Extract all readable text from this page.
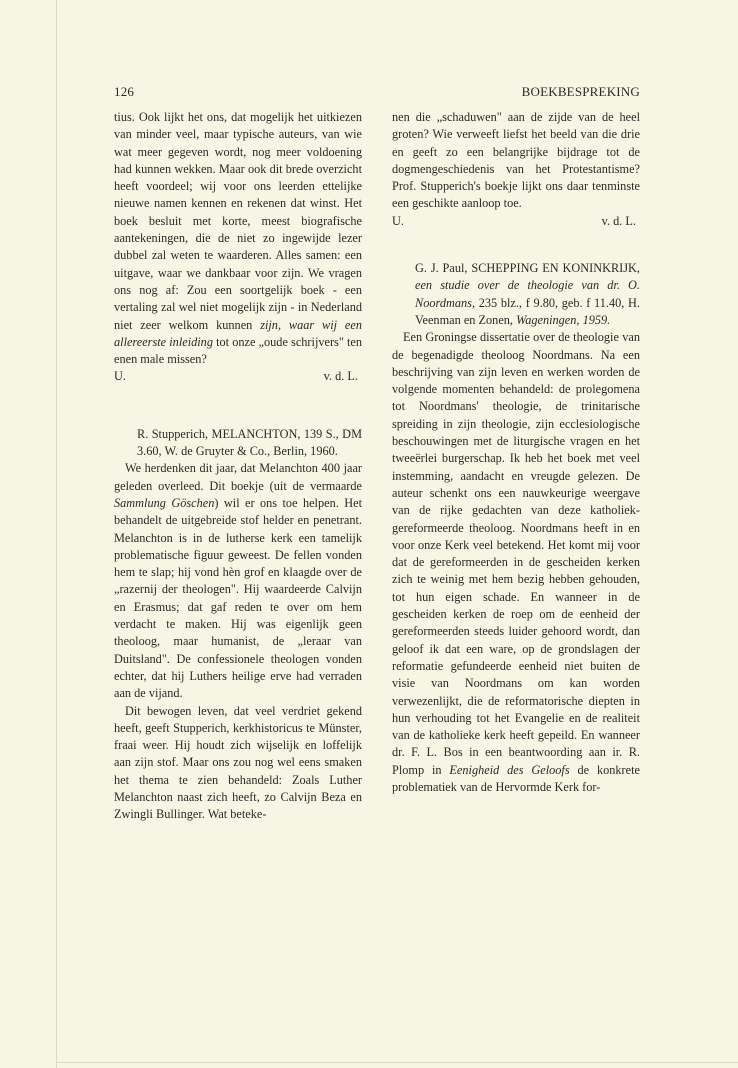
126	BOEKBESPREKING

tius. Ook lijkt het ons, dat mogelijk het uitkiezen van minder veel, maar typische auteurs, van wie wat meer gegeven wordt, nog meer voldoening had kunnen wekken. Maar ook dit brede overzicht heeft voordeel; wij voor ons leerden ettelijke nieuwe namen kennen en rekenen dat winst. Het boek besluit met korte, meest biografische aantekeningen, die de niet zo ingewijde lezer dubbel zal weten te waarderen. Alles samen: een uitgave, waar we dankbaar voor zijn. We vragen ons nog af: Zou een soortgelijk boek - een vertaling zal wel niet mogelijk zijn - in Nederland niet zeer welkom kunnen zijn, waar wij een allereerste inleiding tot onze „oude schrijvers" ten enen male missen?

U.	v. d. L.

R. Stupperich, MELANCHTON, 139 S., DM 3.60, W. de Gruyter & Co., Berlin, 1960.

We herdenken dit jaar, dat Melanchton 400 jaar geleden overleed. Dit boekje (uit de vermaarde Sammlung Göschen) wil er ons toe helpen. Het behandelt de uitgebreide stof helder en penetrant. Melanchton is in de lutherse kerk een tamelijk problematische figuur geweest. De fellen vonden hem te slap; hij vond hèn grof en klaagde over de „razernij der theologen". Hij waardeerde Calvijn en Erasmus; dat gaf reden te over om hem verdacht te maken. Hij was eigenlijk geen theoloog, maar humanist, de „leraar van Duitsland". De confessionele theologen vonden echter, dat hij Luthers heilige erve had verraden aan de vijand.

Dit bewogen leven, dat veel verdriet gekend heeft, geeft Stupperich, kerkhistoricus te Münster, fraai weer. Hij houdt zich wijselijk en loffelijk aan zijn stof. Maar ons zou nog wel eens smaken het thema te zien behandeld: Zoals Luther Melanchton naast zich heeft, zo Calvijn Beza en Zwingli Bullinger. Wat beteke-

nen die „schaduwen" aan de zijde van de heel groten? Wie verweeft liefst het beeld van die drie en geeft zo een belangrijke bijdrage tot de dogmengeschiedenis van het Protestantisme? Prof. Stupperich's boekje lijkt ons daar tenminste een geschikte aanloop toe.

U.	v. d. L.

G. J. Paul, SCHEPPING EN KONINKRIJK, een studie over de theologie van dr. O. Noordmans, 235 blz., f 9.80, geb. f 11.40, H. Veenman en Zonen, Wageningen, 1959.

Een Groningse dissertatie over de theologie van de begenadigde theoloog Noordmans. Na een beschrijving van zijn leven en werken worden de volgende momenten behandeld: de prolegomena tot Noordmans' theologie, de trinitarische spreiding in zijn theologie, zijn ecclesiologische beschouwingen met de liturgische vragen en het tweeërlei burgerschap. Ik heb het boek met veel instemming, aandacht en vreugde gelezen. De auteur schenkt ons een nauwkeurige weergave van de rijke gedachten van deze katholiek-gereformeerde theoloog. Noordmans heeft in en voor onze Kerk veel betekend. Het komt mij voor dat de gereformeerden in de gescheiden kerken zich te weinig met hem bezig hebben gehouden, tot hun eigen schade. En wanneer in de gescheiden kerken de roep om de eenheid der gereformeerden steeds luider gehoord wordt, dan geloof ik dat een ware, op de grondslagen der reformatie gefundeerde eenheid niet buiten de visie van Noordmans om kan worden verwezenlijkt, die de reformatorische diepten in hun verhouding tot het Evangelie en de realiteit van de katholieke kerk heeft gepeild. En wanneer dr. F. L. Bos in een beantwoording aan ir. R. Plomp in Eenigheid des Geloofs de konkrete problematiek van de Hervormde Kerk for-
